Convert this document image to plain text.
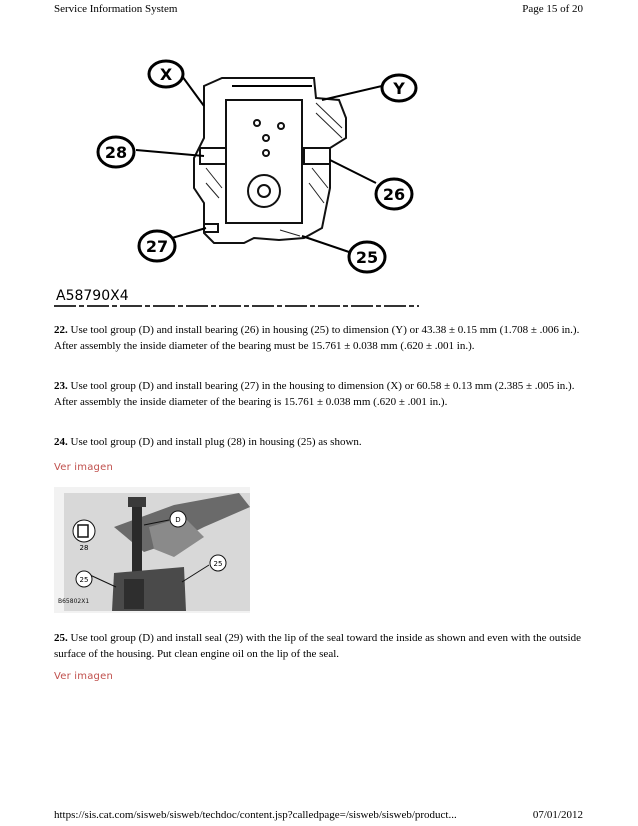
Service Information System	Page 15 of 20
X
Y
28
26
27
25
A58790X4
22. Use tool group (D) and install bearing (26) in housing (25) to dimension (Y) or 43.38 ± 0.15 mm (1.708 ± .006 in.). After assembly the inside diameter of the bearing must be 15.761 ± 0.038 mm (.620 ± .001 in.).
23. Use tool group (D) and install bearing (27) in the housing to dimension (X) or 60.58 ± 0.13 mm (2.385 ± .005 in.). After assembly the inside diameter of the bearing is 15.761 ± 0.038 mm (.620 ± .001 in.).
24. Use tool group (D) and install plug (28) in housing (25) as shown.
Ver imagen
D
25
25
28
B65802X1
25. Use tool group (D) and install seal (29) with the lip of the seal toward the inside as shown and even with the outside surface of the housing. Put clean engine oil on the lip of the seal.
Ver imagen
https://sis.cat.com/sisweb/sisweb/techdoc/content.jsp?calledpage=/sisweb/sisweb/product...	07/01/2012
